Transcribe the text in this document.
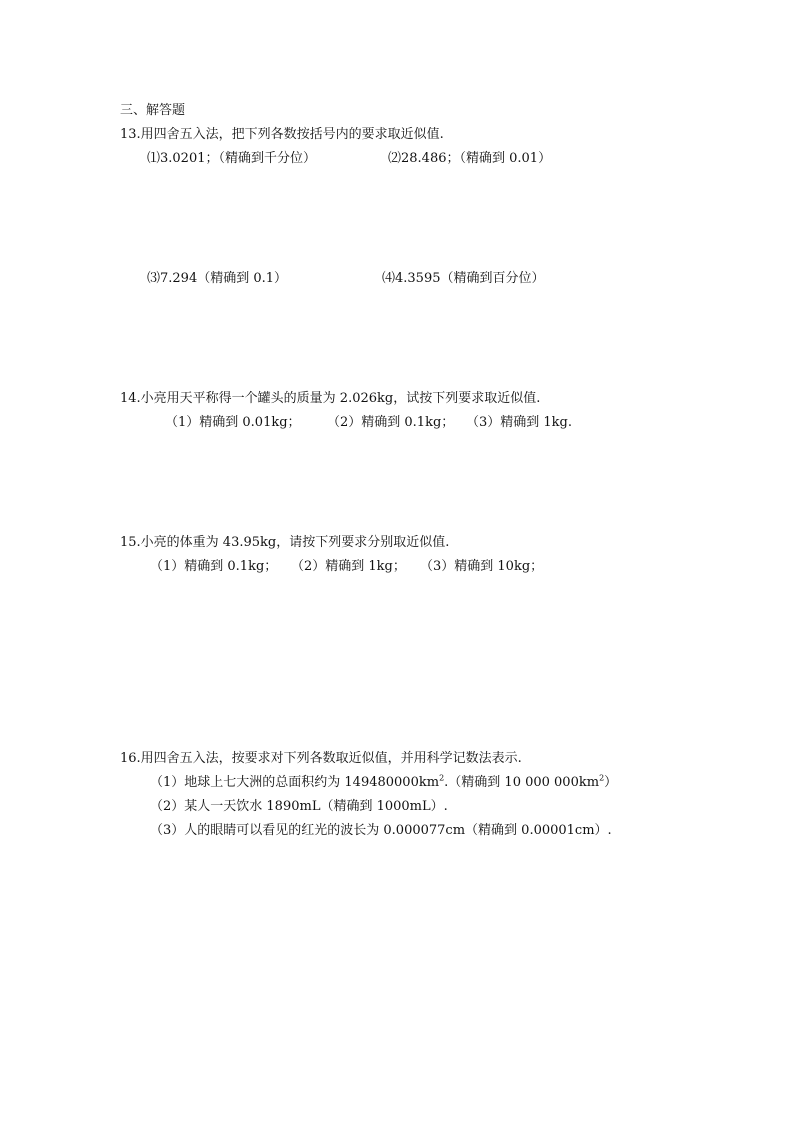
三、解答题
13.用四舍五入法，把下列各数按括号内的要求取近似值.
⑴3.0201；（精确到千分位）	⑵28.486；（精确到 0.01）
⑶7.294（精确到 0.1）	⑷4.3595（精确到百分位）
14.小亮用天平称得一个罐头的质量为 2.026kg，试按下列要求取近似值.
（1）精确到 0.01kg； （2）精确到 0.1kg； （3）精确到 1kg.
15.小亮的体重为 43.95kg，请按下列要求分别取近似值.
（1）精确到 0.1kg； （2）精确到 1kg； （3）精确到 10kg；
16.用四舍五入法，按要求对下列各数取近似值，并用科学记数法表示.
（1）地球上七大洲的总面积约为 $149480000km^2$.（精确到 10 000 $000km^2$）
（2）某人一天饮水 1890mL（精确到 1000mL）.
（3）人的眼睛可以看见的红光的波长为 0.000077cm（精确到 0.00001cm）.
